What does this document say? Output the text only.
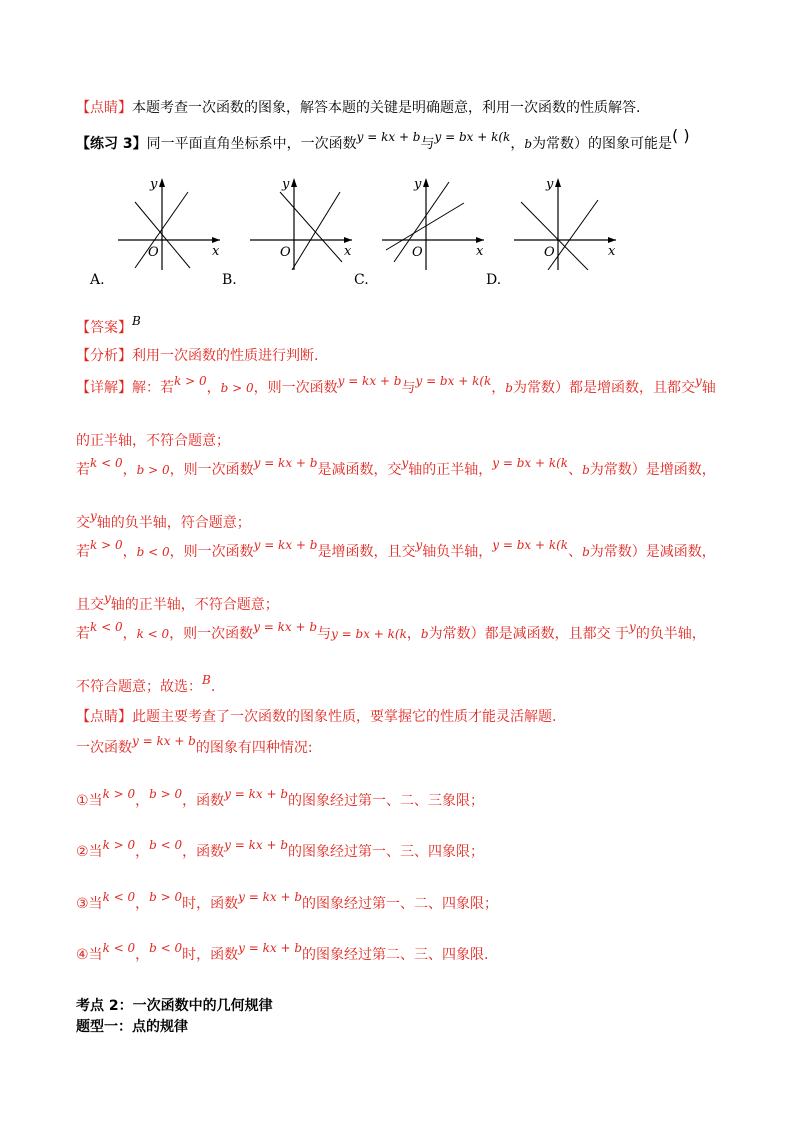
【点睛】本题考查一次函数的图象，解答本题的关键是明确题意，利用一次函数的性质解答.
【练习 3】同一平面直角坐标系中，一次函数y = kx + b与y = bx + k(k，b为常数）的图象可能是( )
y
x
O
A.
y
x
O
B.
y
x
O
C.
y
x
O
D.
【答案】B
【分析】利用一次函数的性质进行判断.
【详解】解：若k > 0，b > 0，则一次函数y = kx + b与y = bx + k(k，b为常数）都是增函数，且都交y轴
的正半轴，不符合题意；
若k < 0，b > 0，则一次函数y = kx + b是减函数，交y轴的正半轴，y = bx + k(k、b为常数）是增函数，
交y轴的负半轴，符合题意；
若k > 0，b < 0，则一次函数y = kx + b是增函数，且交y轴负半轴，y = bx + k(k、b为常数）是减函数，
且交y轴的正半轴，不符合题意；
若k < 0，k < 0，则一次函数y = kx + b与y = bx + k(k，b为常数）都是减函数，且都交 于y的负半轴，
不符合题意；故选：B.
【点睛】此题主要考查了一次函数的图象性质，要掌握它的性质才能灵活解题.
一次函数y = kx + b的图象有四种情况:
①当k > 0，b > 0，函数y = kx + b的图象经过第一、二、三象限；
②当k > 0，b < 0，函数y = kx + b的图象经过第一、三、四象限；
③当k < 0，b > 0时，函数y = kx + b的图象经过第一、二、四象限；
④当k < 0，b < 0时，函数y = kx + b的图象经过第二、三、四象限.
考点 2：一次函数中的几何规律
题型一：点的规律
